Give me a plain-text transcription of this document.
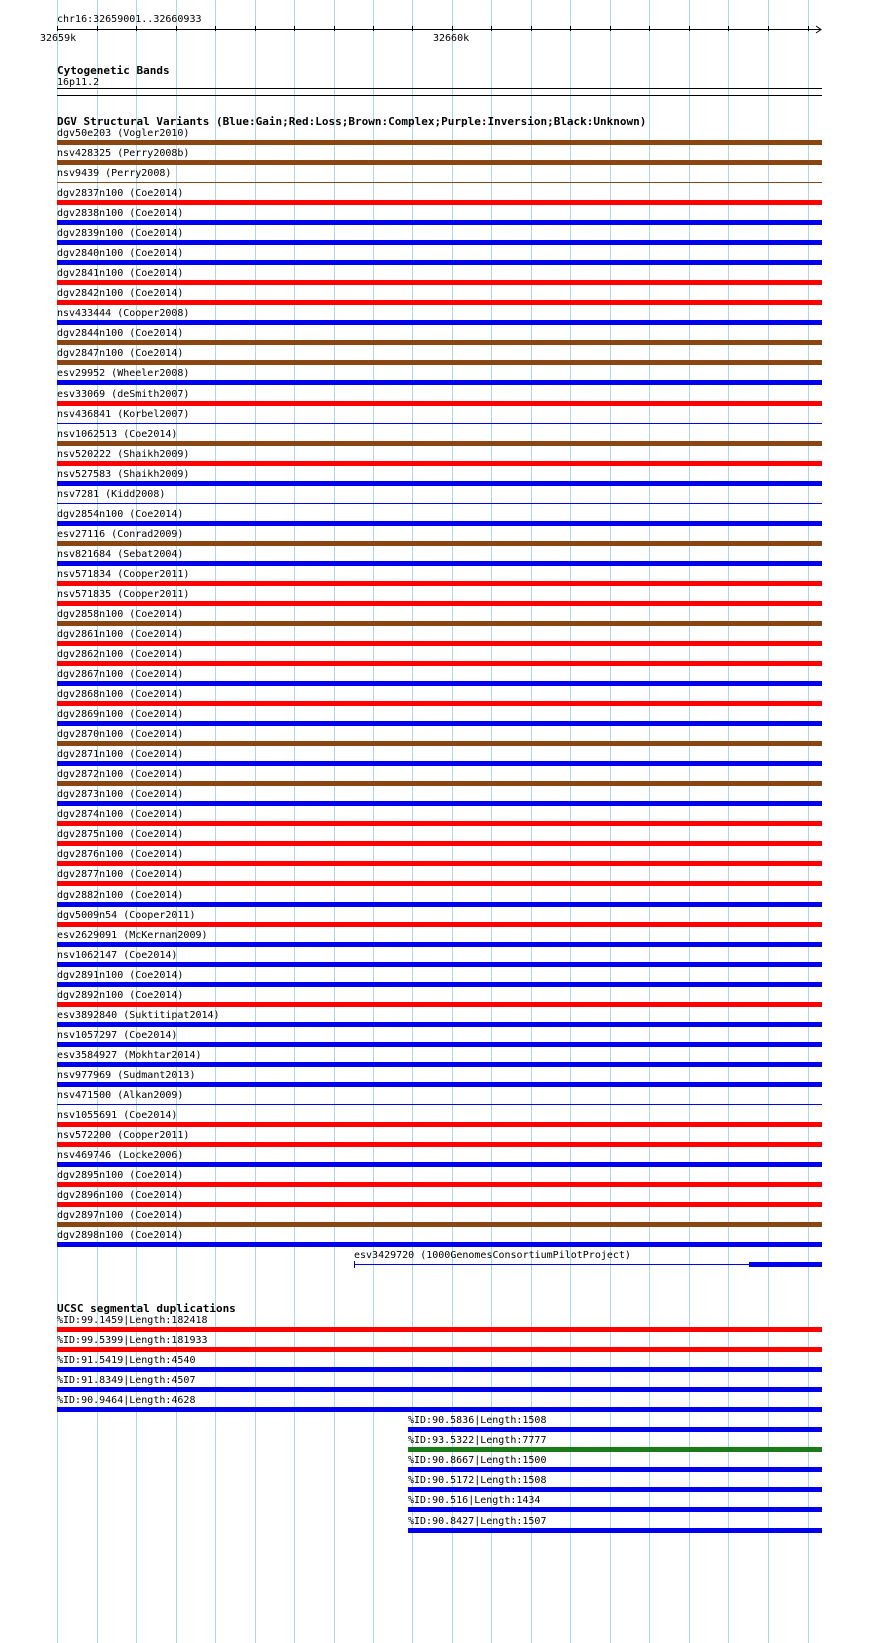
chr16:32659001..32660933
32659k	32660k
Cytogenetic Bands
16p11.2
DGV Structural Variants (Blue:Gain;Red:Loss;Brown:Complex;Purple:Inversion;Black:Unknown)
dgv50e203 (Vogler2010)
nsv428325 (Perry2008b)
nsv9439 (Perry2008)
dgv2837n100 (Coe2014)
dgv2838n100 (Coe2014)
dgv2839n100 (Coe2014)
dgv2840n100 (Coe2014)
dgv2841n100 (Coe2014)
dgv2842n100 (Coe2014)
nsv433444 (Cooper2008)
dgv2844n100 (Coe2014)
dgv2847n100 (Coe2014)
esv29952 (Wheeler2008)
esv33069 (deSmith2007)
nsv436841 (Korbel2007)
nsv1062513 (Coe2014)
nsv520222 (Shaikh2009)
nsv527583 (Shaikh2009)
nsv7281 (Kidd2008)
dgv2854n100 (Coe2014)
esv27116 (Conrad2009)
nsv821684 (Sebat2004)
nsv571834 (Cooper2011)
nsv571835 (Cooper2011)
dgv2858n100 (Coe2014)
dgv2861n100 (Coe2014)
dgv2862n100 (Coe2014)
dgv2867n100 (Coe2014)
dgv2868n100 (Coe2014)
dgv2869n100 (Coe2014)
dgv2870n100 (Coe2014)
dgv2871n100 (Coe2014)
dgv2872n100 (Coe2014)
dgv2873n100 (Coe2014)
dgv2874n100 (Coe2014)
dgv2875n100 (Coe2014)
dgv2876n100 (Coe2014)
dgv2877n100 (Coe2014)
dgv2882n100 (Coe2014)
dgv5009n54 (Cooper2011)
esv2629091 (McKernan2009)
nsv1062147 (Coe2014)
dgv2891n100 (Coe2014)
dgv2892n100 (Coe2014)
esv3892840 (Suktitipat2014)
nsv1057297 (Coe2014)
esv3584927 (Mokhtar2014)
nsv977969 (Sudmant2013)
nsv471500 (Alkan2009)
nsv1055691 (Coe2014)
nsv572200 (Cooper2011)
nsv469746 (Locke2006)
dgv2895n100 (Coe2014)
dgv2896n100 (Coe2014)
dgv2897n100 (Coe2014)
dgv2898n100 (Coe2014)
esv3429720 (1000GenomesConsortiumPilotProject)
UCSC segmental duplications
%ID:99.1459|Length:182418
%ID:99.5399|Length:181933
%ID:91.5419|Length:4540
%ID:91.8349|Length:4507
%ID:90.9464|Length:4628
%ID:90.5836|Length:1508
%ID:93.5322|Length:7777
%ID:90.8667|Length:1500
%ID:90.5172|Length:1508
%ID:90.516|Length:1434
%ID:90.8427|Length:1507
